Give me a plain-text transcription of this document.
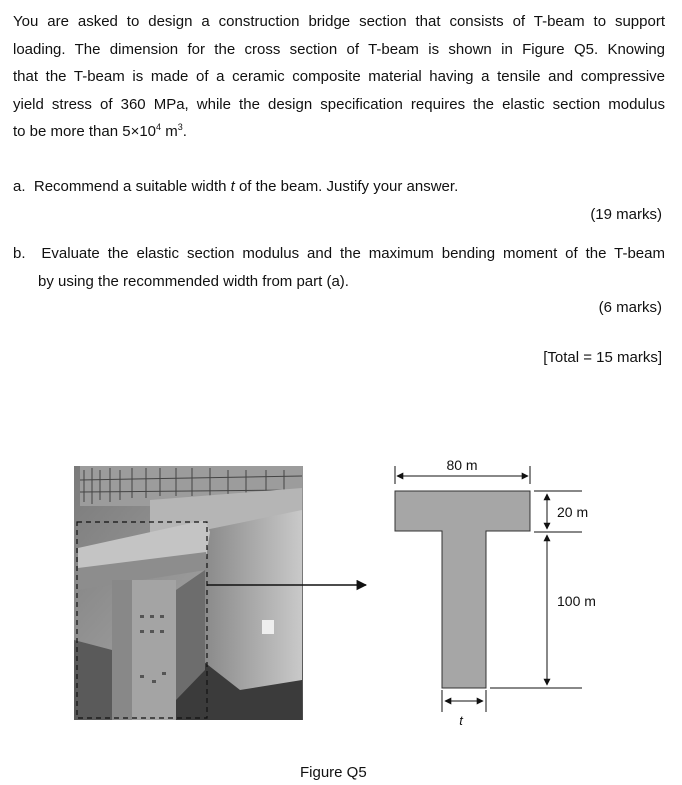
You are asked to design a construction bridge section that consists of T-beam to support
loading. The dimension for the cross section of T-beam is shown in Figure Q5. Knowing
that the T-beam is made of a ceramic composite material having a tensile and compressive
yield stress of 360 MPa, while the design specification requires the elastic section modulus
to be more than $5\times 10^4$ $m^3$.

a. Recommend a suitable width t of the beam. Justify your answer.

(19 marks)
b. Evaluate the elastic section modulus and the maximum bending moment of the T-beam
by using the recommended width from part (a).
(6 marks)
[Total = 15 marks]
80 m
20 m
100 m
t
Figure Q5
